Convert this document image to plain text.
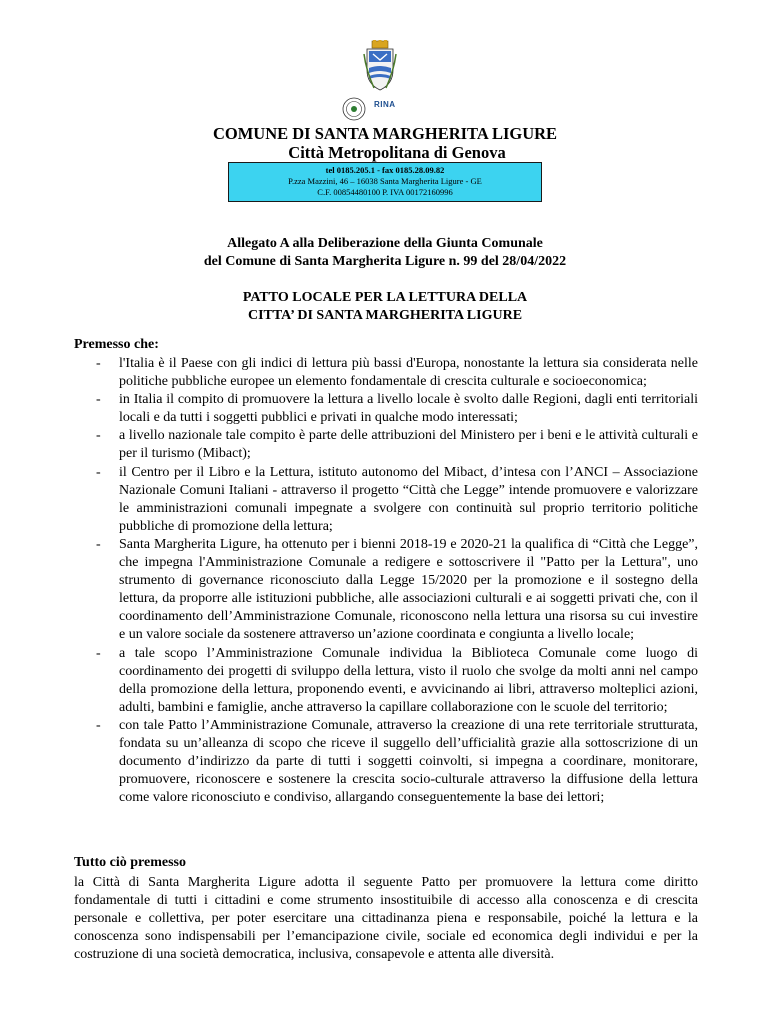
RINA
COMUNE DI SANTA MARGHERITA LIGURE
Città Metropolitana di Genova
tel 0185.205.1 - fax 0185.28.09.82
P.zza Mazzini, 46 – 16038 Santa Margherita Ligure - GE
C.F. 00854480100 P. IVA 00172160996
Allegato A alla Deliberazione della Giunta Comunale
del Comune di Santa Margherita Ligure n. 99 del 28/04/2022
PATTO LOCALE PER LA LETTURA DELLA
CITTA’ DI SANTA MARGHERITA LIGURE
Premesso che:
- l'Italia è il Paese con gli indici di lettura più bassi d'Europa, nonostante la lettura sia considerata nelle politiche pubbliche europee un elemento fondamentale di crescita culturale e socioeconomica;
- in Italia il compito di promuovere la lettura a livello locale è svolto dalle Regioni, dagli enti territoriali locali e da tutti i soggetti pubblici e privati in qualche modo interessati;
- a livello nazionale tale compito è parte delle attribuzioni del Ministero per i beni e le attività culturali e per il turismo (Mibact);
- il Centro per il Libro e la Lettura, istituto autonomo del Mibact, d’intesa con l’ANCI – Associazione Nazionale Comuni Italiani - attraverso il progetto “Città che Legge” intende promuovere e valorizzare le amministrazioni comunali impegnate a svolgere con continuità sul proprio territorio politiche pubbliche di promozione della lettura;
- Santa Margherita Ligure, ha ottenuto per i bienni 2018-19 e 2020-21 la qualifica di “Città che Legge”, che impegna l'Amministrazione Comunale a redigere e sottoscrivere il "Patto per la Lettura", uno strumento di governance riconosciuto dalla Legge 15/2020 per la promozione e il sostegno della lettura, da proporre alle istituzioni pubbliche, alle associazioni culturali e ai soggetti privati che, con il coordinamento dell’Amministrazione Comunale, riconoscono nella lettura una risorsa su cui investire e un valore sociale da sostenere attraverso un’azione coordinata e congiunta a livello locale;
- a tale scopo l’Amministrazione Comunale individua la Biblioteca Comunale come luogo di coordinamento dei progetti di sviluppo della lettura, visto il ruolo che svolge da molti anni nel campo della promozione della lettura, proponendo eventi, e avvicinando ai libri, attraverso molteplici azioni, adulti, bambini e famiglie, anche attraverso la capillare collaborazione con le scuole del territorio;
- con tale Patto l’Amministrazione Comunale, attraverso la creazione di una rete territoriale strutturata, fondata su un’alleanza di scopo che riceve il suggello dell’ufficialità grazie alla sottoscrizione di un documento d’indirizzo da parte di tutti i soggetti coinvolti, si impegna a coordinare, monitorare, promuovere, riconoscere e sostenere la crescita socio-culturale attraverso la diffusione della lettura come valore riconosciuto e condiviso, allargando conseguentemente la base dei lettori;
Tutto ciò premesso

la Città di Santa Margherita Ligure adotta il seguente Patto per promuovere la lettura come diritto fondamentale di tutti i cittadini e come strumento insostituibile di accesso alla conoscenza e di crescita personale e collettiva, per poter esercitare una cittadinanza piena e responsabile, poiché la lettura e la conoscenza sono indispensabili per l’emancipazione civile, sociale ed economica degli individui e per la costruzione di una società democratica, inclusiva, consapevole e attenta alle diversità.
